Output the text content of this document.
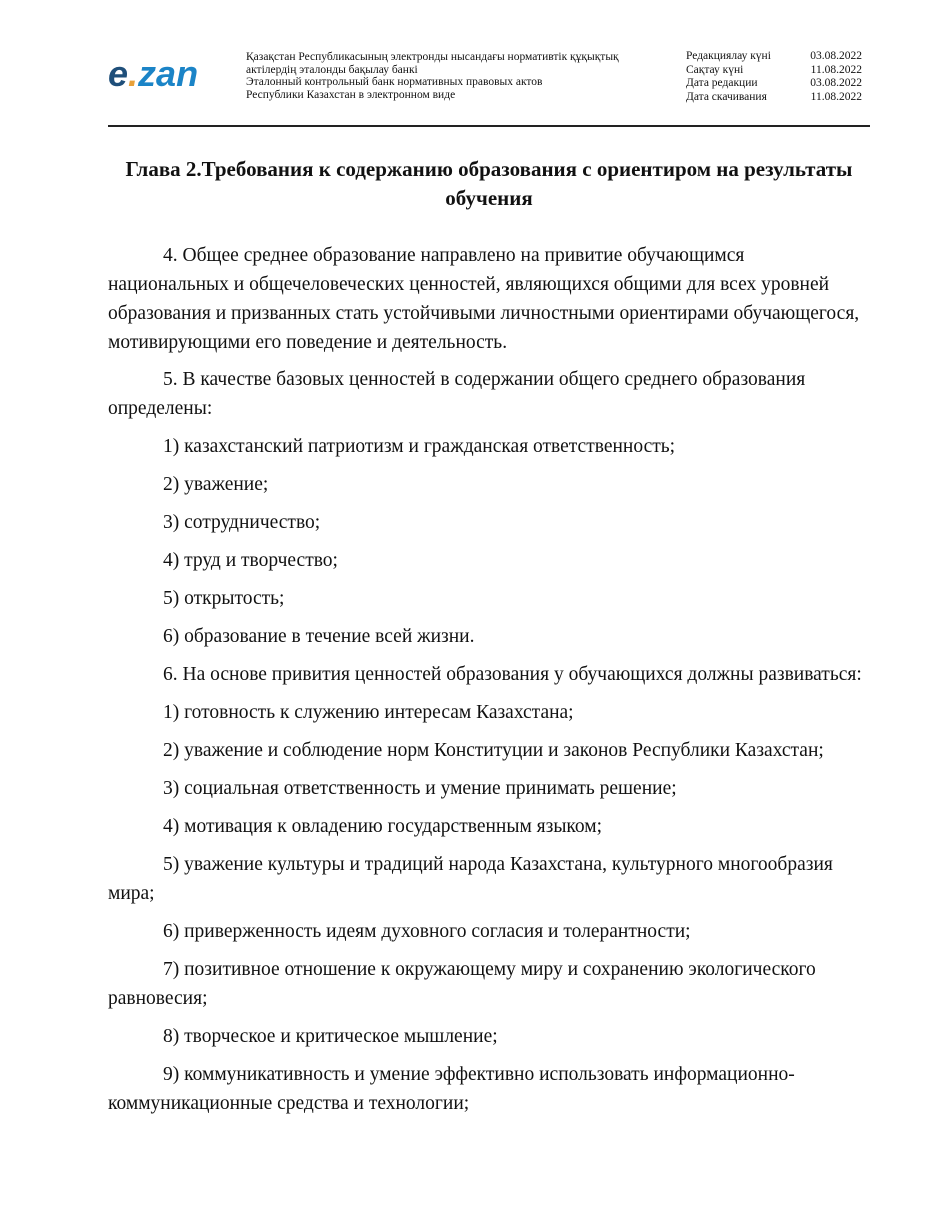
e.zan	Қазақстан Республикасының электронды нысандағы нормативтік құқықтық
актілердің эталонды бақылау банкі
Эталонный контрольный банк нормативных правовых актов
Республики Казахстан в электронном виде
Редакциялау күні	03.08.2022
Сақтау күні	11.08.2022
Дата редакции	03.08.2022
Дата скачивания	11.08.2022
Глава 2.Требования к содержанию образования с ориентиром на результаты обучения

4. Общее среднее образование направлено на привитие обучающимся национальных и общечеловеческих ценностей, являющихся общими для всех уровней образования и призванных стать устойчивыми личностными ориентирами обучающегося, мотивирующими его поведение и деятельность.

5. В качестве базовых ценностей в содержании общего среднего образования определены:

1) казахстанский патриотизм и гражданская ответственность;

2) уважение;

3) сотрудничество;

4) труд и творчество;

5) открытость;

6) образование в течение всей жизни.

6. На основе привития ценностей образования у обучающихся должны развиваться:

1) готовность к служению интересам Казахстана;

2) уважение и соблюдение норм Конституции и законов Республики Казахстан;

3) социальная ответственность и умение принимать решение;

4) мотивация к овладению государственным языком;

5) уважение культуры и традиций народа Казахстана, культурного многообразия мира;

6) приверженность идеям духовного согласия и толерантности;

7) позитивное отношение к окружающему миру и сохранению экологического равновесия;

8) творческое и критическое мышление;

9) коммуникативность и умение эффективно использовать информационно-коммуникационные средства и технологии;
